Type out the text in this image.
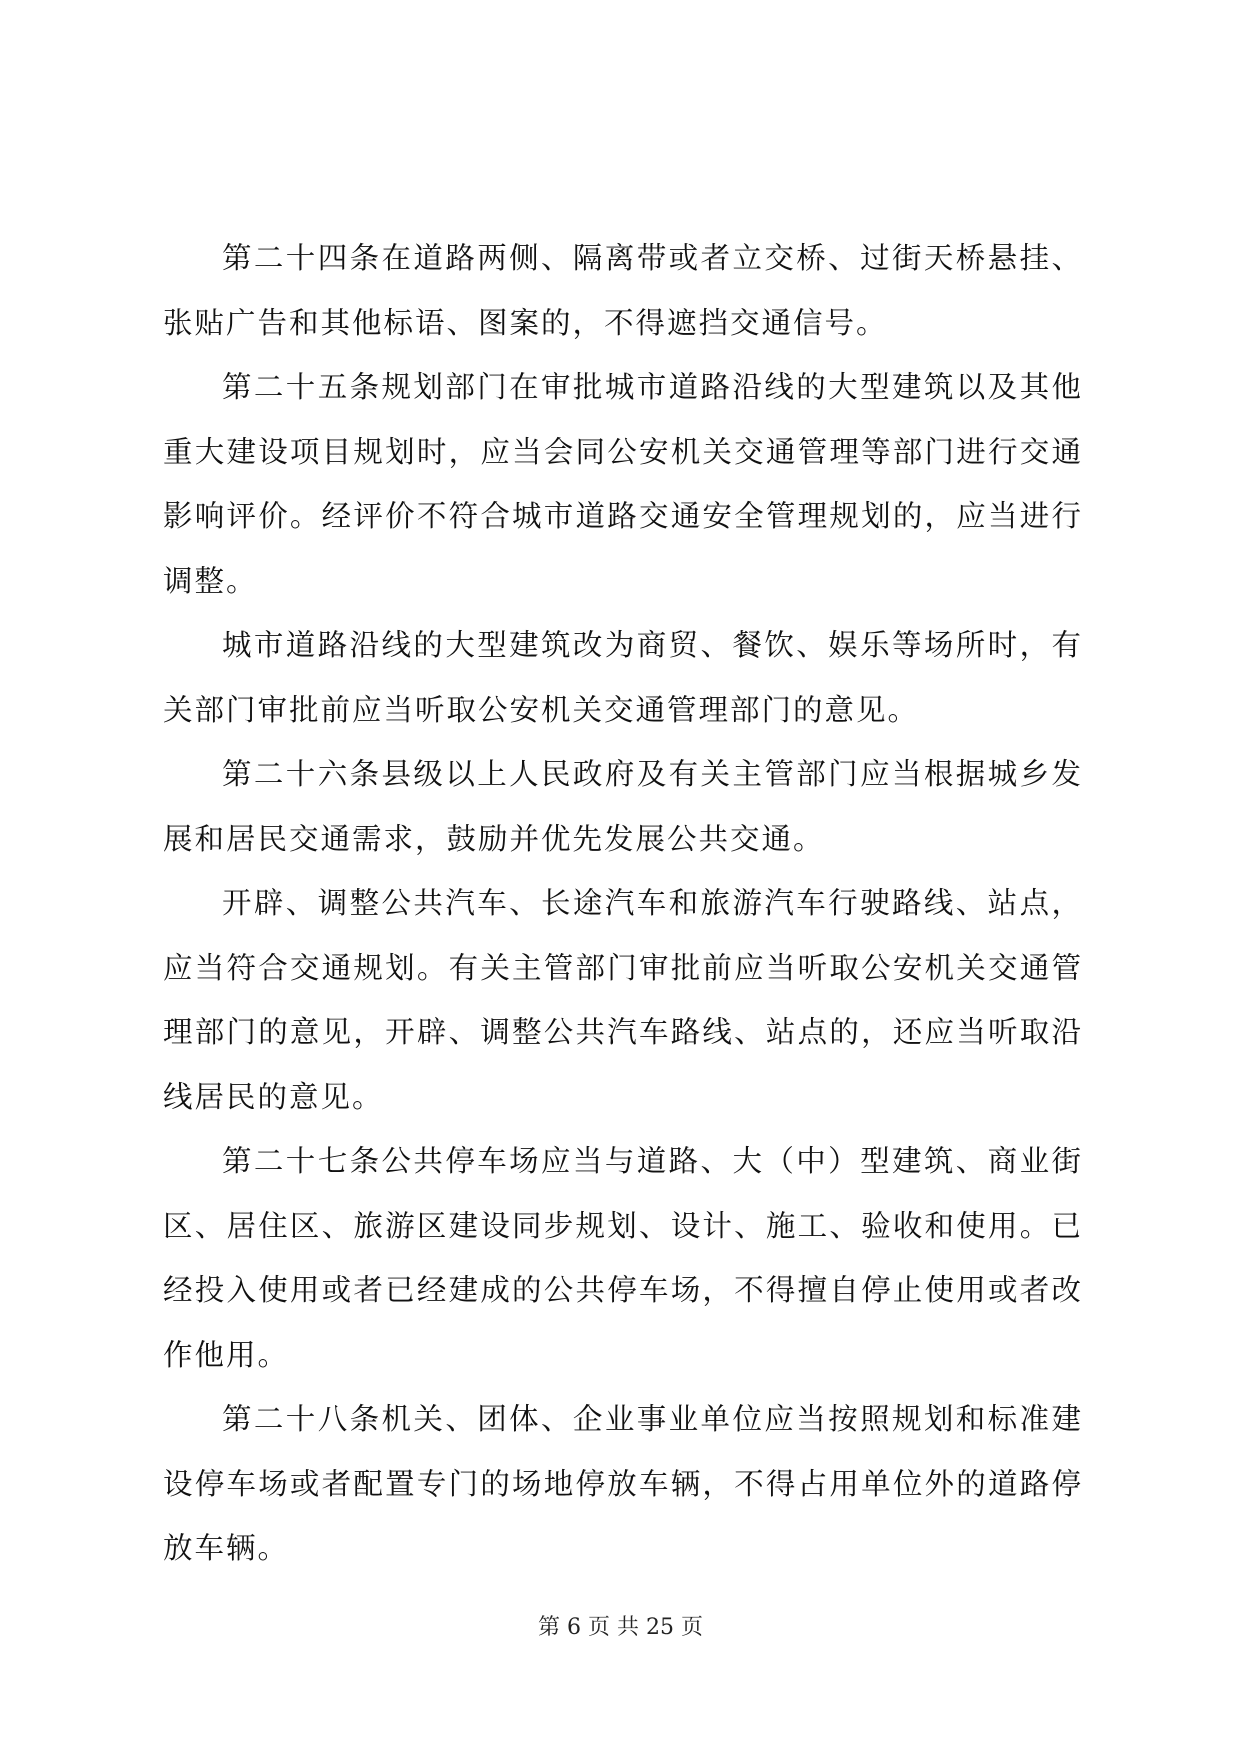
第二十四条在道路两侧、隔离带或者立交桥、过街天桥悬挂、张贴广告和其他标语、图案的，不得遮挡交通信号。

第二十五条规划部门在审批城市道路沿线的大型建筑以及其他重大建设项目规划时，应当会同公安机关交通管理等部门进行交通影响评价。经评价不符合城市道路交通安全管理规划的，应当进行调整。

城市道路沿线的大型建筑改为商贸、餐饮、娱乐等场所时，有关部门审批前应当听取公安机关交通管理部门的意见。

第二十六条县级以上人民政府及有关主管部门应当根据城乡发展和居民交通需求，鼓励并优先发展公共交通。

开辟、调整公共汽车、长途汽车和旅游汽车行驶路线、站点，应当符合交通规划。有关主管部门审批前应当听取公安机关交通管理部门的意见，开辟、调整公共汽车路线、站点的，还应当听取沿线居民的意见。

第二十七条公共停车场应当与道路、大（中）型建筑、商业街区、居住区、旅游区建设同步规划、设计、施工、验收和使用。已经投入使用或者已经建成的公共停车场，不得擅自停止使用或者改作他用。

第二十八条机关、团体、企业事业单位应当按照规划和标准建设停车场或者配置专门的场地停放车辆，不得占用单位外的道路停放车辆。

第 6 页 共 25 页
